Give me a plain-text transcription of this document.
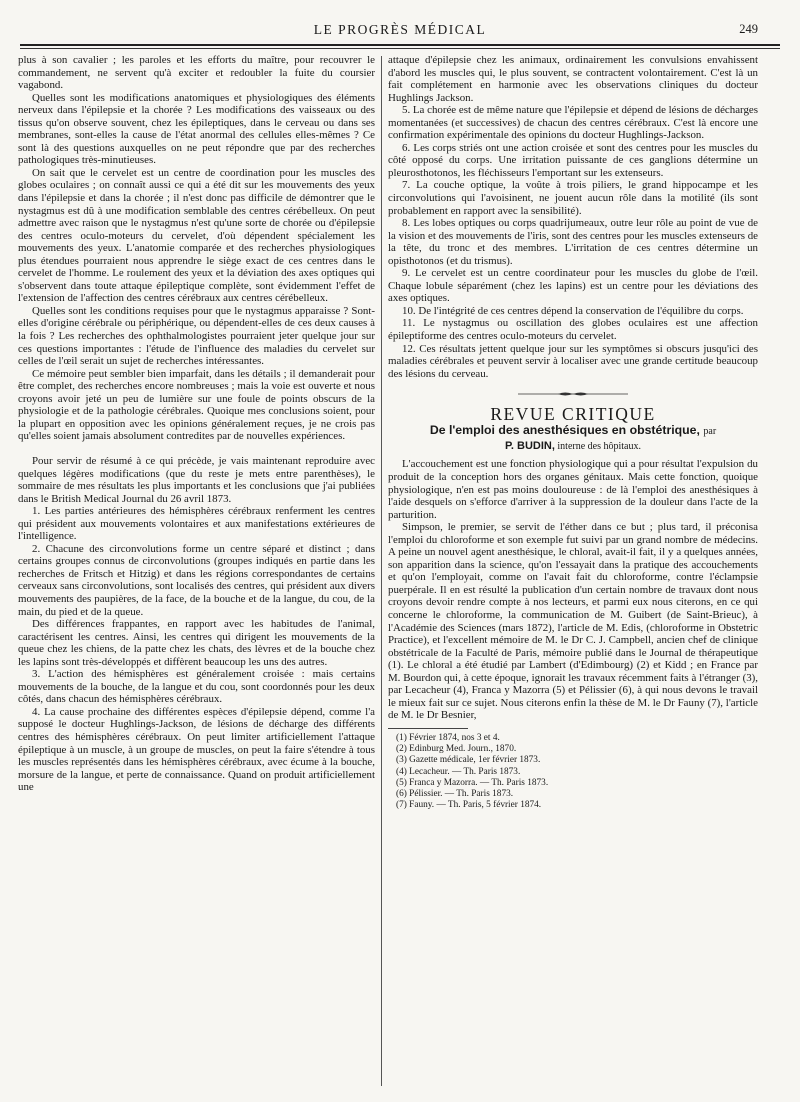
LE PROGRÈS MÉDICAL	249

plus à son cavalier ; les paroles et les efforts du maître, pour recouvrer le commandement, ne servent qu'à exciter et redoubler la fuite du coursier vagabond.

Quelles sont les modifications anatomiques et physiologiques des éléments nerveux dans l'épilepsie et la chorée ? Les modifications des vaisseaux ou des tissus qu'on observe souvent, chez les épileptiques, dans le cerveau ou dans ses membranes, sont-elles la cause de l'état anormal des cellules elles-mêmes ? Ce sont là des questions auxquelles on ne peut répondre que par des recherches pathologiques très-minutieuses.

On sait que le cervelet est un centre de coordination pour les muscles des globes oculaires ; on connaît aussi ce qui a été dit sur les mouvements des yeux dans l'épilepsie et dans la chorée ; il n'est donc pas difficile de démontrer que le nystagmus est dû à une modification semblable des centres cérébelleux. On peut admettre avec raison que le nystagmus n'est qu'une sorte de chorée ou d'épilepsie des centres oculo-moteurs du cervelet, d'où dépendent spécialement les mouvements des yeux. L'anatomie comparée et des recherches physiologiques plus étendues pourraient nous apprendre le siège exact de ces centres dans le cervelet de l'homme. Le roulement des yeux et la déviation des axes optiques qui s'observent dans toute attaque épileptique complète, sont évidemment l'effet de l'extension de l'affection des centres cérébraux aux centres cérébelleux.

Quelles sont les conditions requises pour que le nystagmus apparaisse ? Sont-elles d'origine cérébrale ou périphérique, ou dépendent-elles de ces deux causes à la fois ? Les recherches des ophthalmologistes pourraient jeter quelque jour sur ces questions importantes : l'étude de l'influence des maladies du cervelet sur celles de l'œil serait un sujet de recherches intéressantes.

Ce mémoire peut sembler bien imparfait, dans les détails ; il demanderait pour être complet, des recherches encore nombreuses ; mais la voie est ouverte et nous croyons avoir jeté un peu de lumière sur une foule de points obscurs de la physiologie et de la pathologie cérébrales. Quoique mes conclusions soient, pour la plupart en opposition avec les opinions généralement reçues, je ne crois pas qu'elles soient jamais absolument contredites par de nouvelles expériences.

Pour servir de résumé à ce qui précède, je vais maintenant reproduire avec quelques légères modifications (que du reste je mets entre parenthèses), le sommaire de mes résultats les plus importants et les conclusions que j'ai publiées dans le British Medical Journal du 26 avril 1873.

1. Les parties antérieures des hémisphères cérébraux renferment les centres qui président aux mouvements volontaires et aux manifestations extérieures de l'intelligence.

2. Chacune des circonvolutions forme un centre séparé et distinct ; dans certains groupes connus de circonvolutions (groupes indiqués en partie dans les recherches de Fritsch et Hitzig) et dans les régions correspondantes de certains cerveaux sans circonvolutions, sont localisés des centres, qui président aux divers mouvements des paupières, de la face, de la bouche et de la langue, du cou, de la main, du pied et de la queue.

Des différences frappantes, en rapport avec les habitudes de l'animal, caractérisent les centres. Ainsi, les centres qui dirigent les mouvements de la queue chez les chiens, de la patte chez les chats, des lèvres et de la bouche chez les lapins sont très-développés et diffèrent beaucoup les uns des autres.

3. L'action des hémisphères est généralement croisée : mais certains mouvements de la bouche, de la langue et du cou, sont coordonnés pour les deux côtés, dans chacun des hémisphères cérébraux.

4. La cause prochaine des différentes espèces d'épilepsie dépend, comme l'a supposé le docteur Hughlings-Jackson, de lésions de décharge des différents centres des hémisphères cérébraux. On peut limiter artificiellement l'attaque épileptique à un muscle, à un groupe de muscles, on peut la faire s'étendre à tous les muscles représentés dans les hémisphères cérébraux, avec écume à la bouche, morsure de la langue, et perte de connaissance. Quand on produit artificiellement une

attaque d'épilepsie chez les animaux, ordinairement les convulsions envahissent d'abord les muscles qui, le plus souvent, se contractent volontairement. C'est là un fait complétement en harmonie avec les observations cliniques du docteur Hughlings Jackson.

5. La chorée est de même nature que l'épilepsie et dépend de lésions de décharges momentanées (et successives) de chacun des centres cérébraux. C'est là encore une confirmation expérimentale des opinions du docteur Hughlings-Jackson.

6. Les corps striés ont une action croisée et sont des centres pour les muscles du côté opposé du corps. Une irritation puissante de ces ganglions détermine un pleurosthotonos, les fléchisseurs l'emportant sur les extenseurs.

7. La couche optique, la voûte à trois piliers, le grand hippocampe et les circonvolutions qui l'avoisinent, ne jouent aucun rôle dans la motilité (ils sont probablement en rapport avec la sensibilité).

8. Les lobes optiques ou corps quadrijumeaux, outre leur rôle au point de vue de la vision et des mouvements de l'iris, sont des centres pour les muscles extenseurs de la tête, du tronc et des membres. L'irritation de ces centres détermine un opisthotonos (et du trismus).

9. Le cervelet est un centre coordinateur pour les muscles du globe de l'œil. Chaque lobule séparément (chez les lapins) est un centre pour les déviations des axes optiques.

10. De l'intégrité de ces centres dépend la conservation de l'équilibre du corps.

11. Le nystagmus ou oscillation des globes oculaires est une affection épileptiforme des centres oculo-moteurs du cervelet.

12. Ces résultats jettent quelque jour sur les symptômes si obscurs jusqu'ici des maladies cérébrales et peuvent servir à localiser avec une grande certitude beaucoup des lésions du cerveau.

REVUE CRITIQUE
De l'emploi des anesthésiques en obstétrique, par
P. BUDIN, interne des hôpitaux.

L'accouchement est une fonction physiologique qui a pour résultat l'expulsion du produit de la conception hors des organes génitaux. Mais cette fonction, quoique physiologique, n'en est pas moins douloureuse : de là l'emploi des anesthésiques à l'aide desquels on s'efforce d'arriver à la suppression de la douleur dans l'acte de la parturition.

Simpson, le premier, se servit de l'éther dans ce but ; plus tard, il préconisa l'emploi du chloroforme et son exemple fut suivi par un grand nombre de médecins. A peine un nouvel agent anesthésique, le chloral, avait-il fait, il y a quelques années, son apparition dans la science, qu'on l'essayait dans la pratique des accouchements et qu'on l'employait, comme on l'avait fait du chloroforme, contre l'éclampsie puerpérale. Il en est résulté la publication d'un certain nombre de travaux dont nous croyons devoir rendre compte à nos lecteurs, et parmi eux nous citerons, en ce qui concerne le chloroforme, la communication de M. Guibert (de Saint-Brieuc), à l'Académie des Sciences (mars 1872), l'article de M. Edis, (chloroforme in Obstetric Practice), et l'excellent mémoire de M. le Dr C. J. Campbell, ancien chef de clinique obstétricale de la Faculté de Paris, mémoire publié dans le Journal de thérapeutique (1). Le chloral a été étudié par Lambert (d'Edimbourg) (2) et Kidd ; en France par M. Bourdon qui, à cette époque, ignorait les travaux récemment faits à l'étranger (3), par Lecacheur (4), Franca y Mazorra (5) et Pélissier (6), à qui nous devons le travail le mieux fait sur ce sujet. Nous citerons enfin la thèse de M. le Dr Fauny (7), l'article de M. le Dr Besnier,

(1) Février 1874, nos 3 et 4.
(2) Edinburg Med. Journ., 1870.
(3) Gazette médicale, 1er février 1873.
(4) Lecacheur. — Th. Paris 1873.
(5) Franca y Mazorra. — Th. Paris 1873.
(6) Pélissier. — Th. Paris 1873.
(7) Fauny. — Th. Paris, 5 février 1874.
